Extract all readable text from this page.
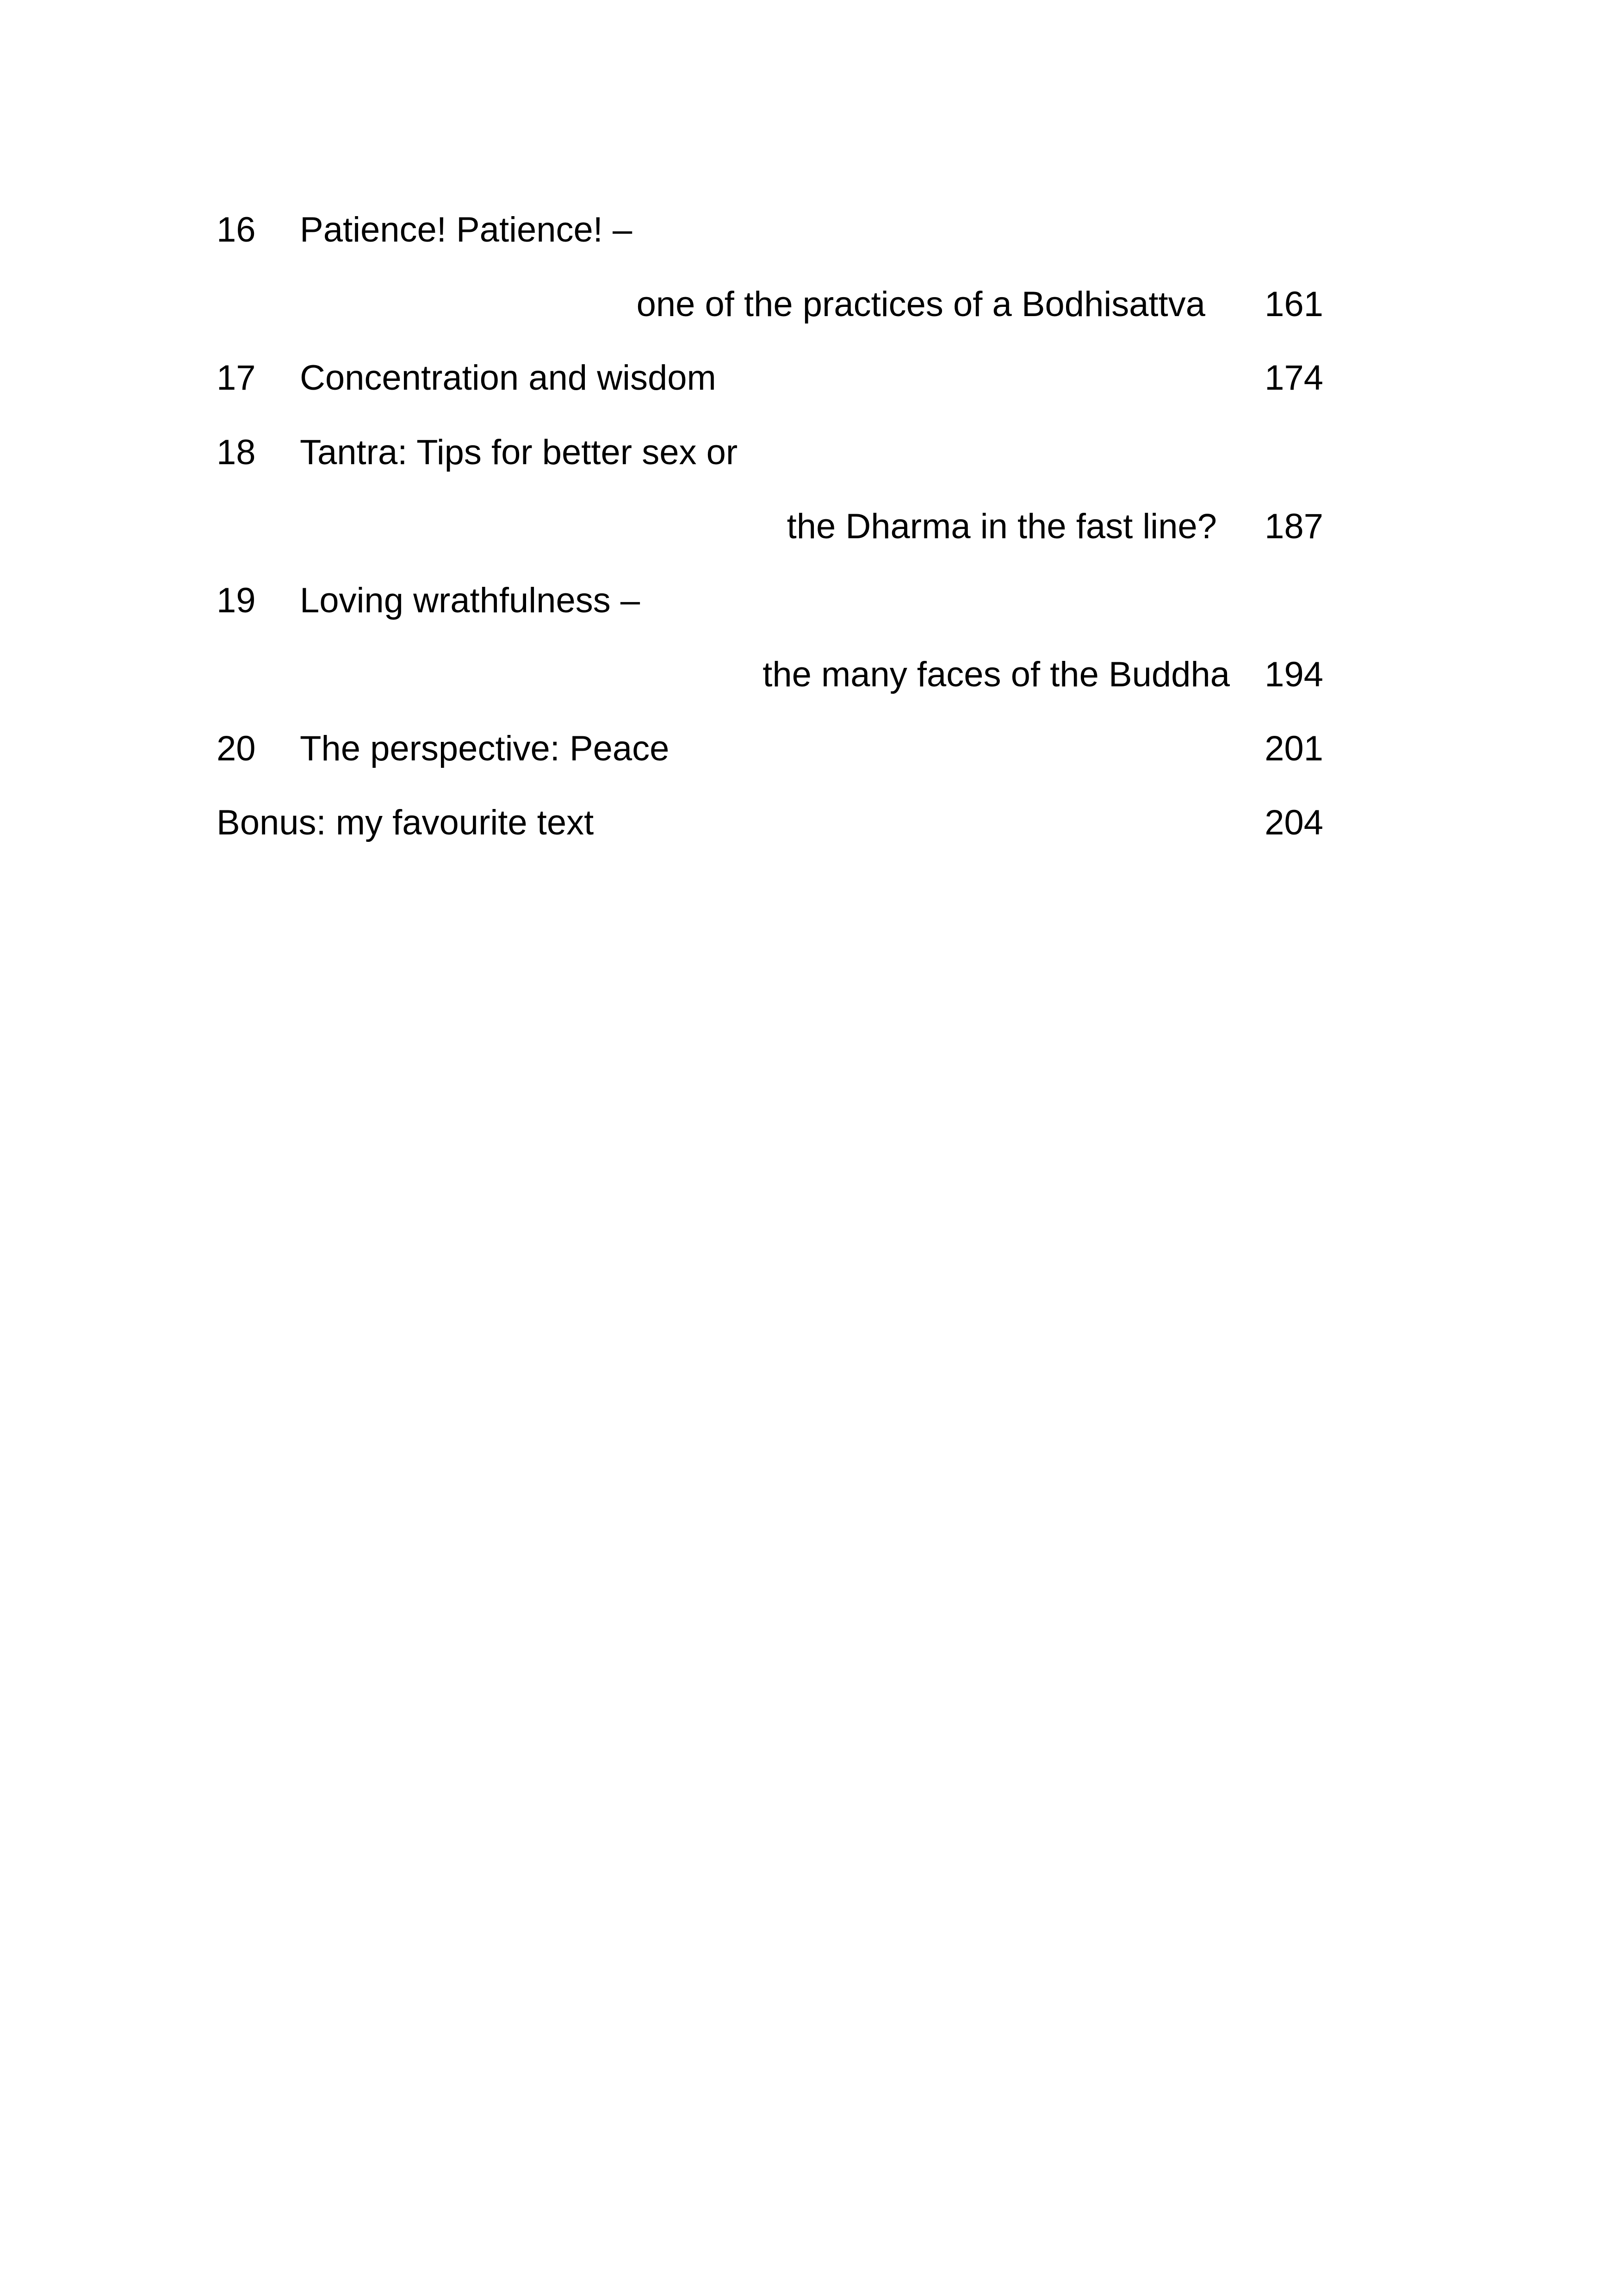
16 Patience! Patience! –
one of the practices of a Bodhisattva	161
17 Concentration and wisdom	174
18 Tantra: Tips for better sex or
the Dharma in the fast line?	187
19 Loving wrathfulness –
the many faces of the Buddha 194
20 The perspective: Peace	201
Bonus: my favourite text	204
